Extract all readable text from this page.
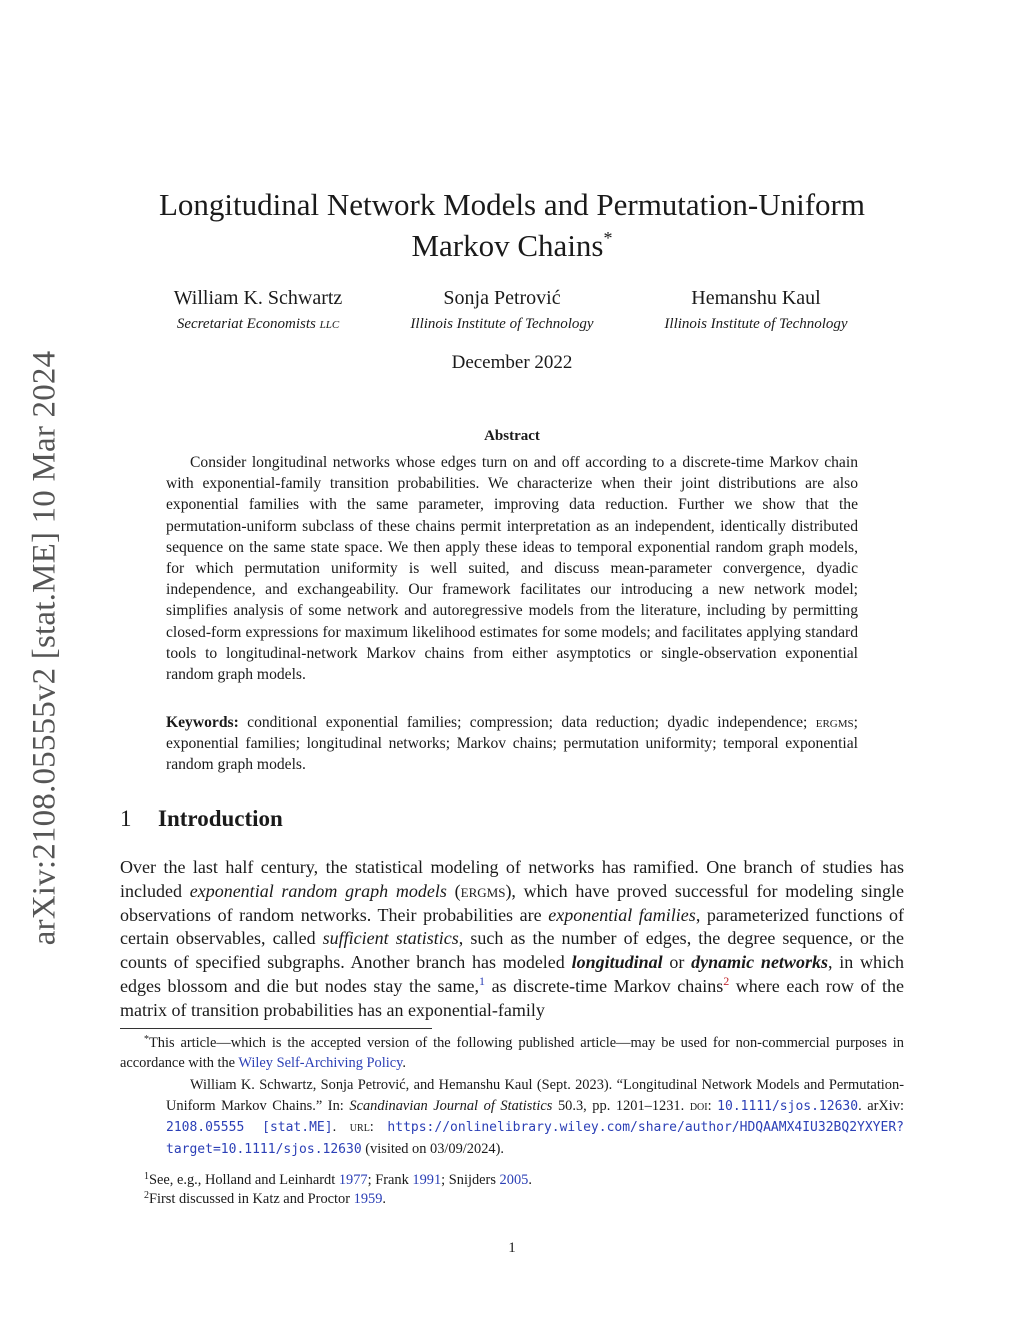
arXiv:2108.05555v2 [stat.ME] 10 Mar 2024
Longitudinal Network Models and Permutation-Uniform
Markov Chains*
William K. Schwartz
Secretariat Economists llc
Sonja Petrović
Illinois Institute of Technology
Hemanshu Kaul
Illinois Institute of Technology
December 2022
Abstract

Consider longitudinal networks whose edges turn on and off according to a discrete-time Markov chain with exponential-family transition probabilities. We characterize when their joint distributions are also exponential families with the same parameter, improving data reduction. Further we show that the permutation-uniform subclass of these chains permit interpretation as an independent, identically distributed sequence on the same state space. We then apply these ideas to temporal exponential random graph models, for which permutation uniformity is well suited, and discuss mean-parameter convergence, dyadic independence, and exchangeability. Our framework facilitates our introducing a new network model; simplifies analysis of some network and autoregressive models from the literature, including by permitting closed-form expressions for maximum likelihood estimates for some models; and facilitates applying standard tools to longitudinal-network Markov chains from either asymptotics or single-observation exponential random graph models.

Keywords: conditional exponential families; compression; data reduction; dyadic independence; ergms; exponential families; longitudinal networks; Markov chains; permutation uniformity; temporal exponential random graph models.

1 Introduction

Over the last half century, the statistical modeling of networks has ramified. One branch of studies has included exponential random graph models (ergms), which have proved successful for modeling single observations of random networks. Their probabilities are exponential families, parameterized functions of certain observables, called sufficient statistics, such as the number of edges, the degree sequence, or the counts of specified subgraphs. Another branch has modeled longitudinal or dynamic networks, in which edges blossom and die but nodes stay the same,$^1$ as discrete-time Markov chains$^2$ where each row of the matrix of transition probabilities has an exponential-family

*This article—which is the accepted version of the following published article—may be used for non-commercial purposes in accordance with the Wiley Self-Archiving Policy.

William K. Schwartz, Sonja Petrović, and Hemanshu Kaul (Sept. 2023). “Longitudinal Network Models and Permutation-Uniform Markov Chains.” In: Scandinavian Journal of Statistics 50.3, pp. 1201–1231. doi: 10.1111/sjos.12630. arXiv: 2108.05555 [stat.ME]. url: https://onlinelibrary.wiley.com/share/author/HDQAAMX4IU32BQ2YXYER?target=10.1111/sjos.12630 (visited on 03/09/2024).

$^1$See, e.g., Holland and Leinhardt 1977; Frank 1991; Snijders 2005.

$^2$First discussed in Katz and Proctor 1959.

1
